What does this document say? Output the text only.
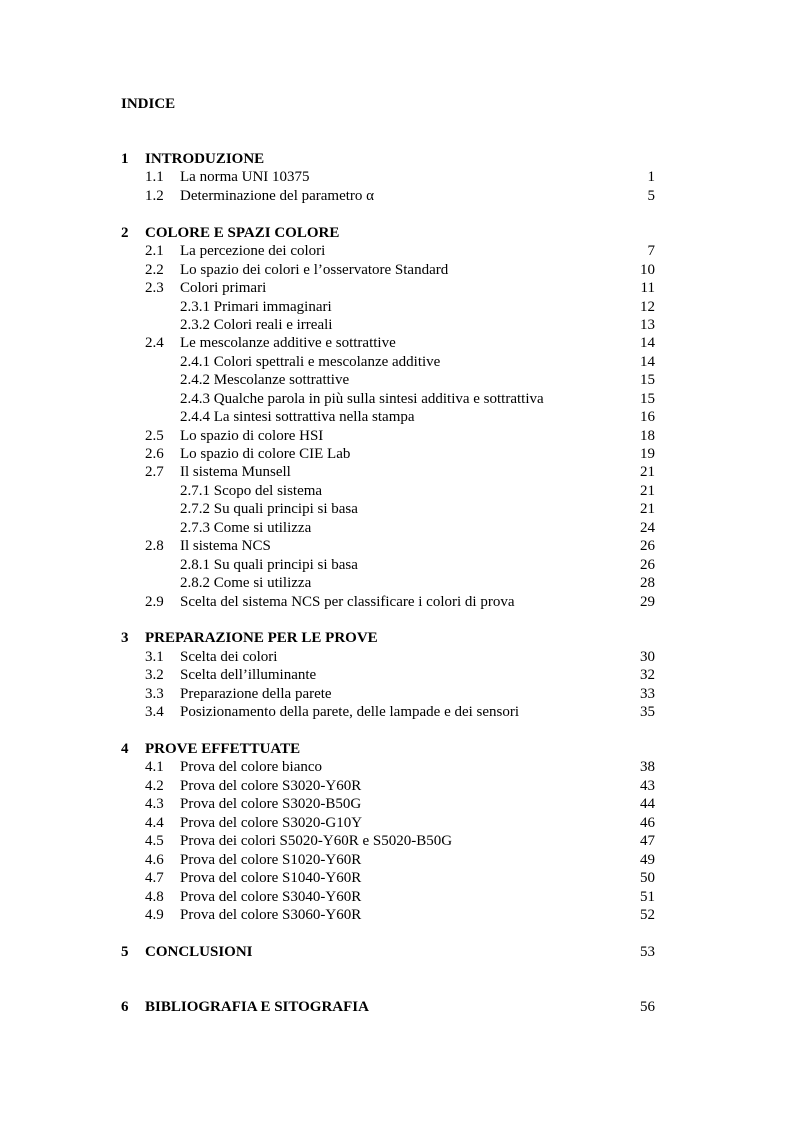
INDICE
1 INTRODUZIONE
1.1 La norma UNI 10375	1
1.2 Determinazione del parametro α	5
2 COLORE E SPAZI COLORE
2.1 La percezione dei colori	7
2.2 Lo spazio dei colori e l’osservatore Standard	10
2.3 Colori primari	11
2.3.1 Primari immaginari	12
2.3.2 Colori reali e irreali	13
2.4 Le mescolanze additive e sottrattive	14
2.4.1 Colori spettrali e mescolanze additive	14
2.4.2 Mescolanze sottrattive	15
2.4.3 Qualche parola in più sulla sintesi additiva e sottrattiva	15
2.4.4 La sintesi sottrattiva nella stampa	16
2.5 Lo spazio di colore HSI	18
2.6 Lo spazio di colore CIE Lab	19
2.7 Il sistema Munsell	21
2.7.1 Scopo del sistema	21
2.7.2 Su quali principi si basa	21
2.7.3 Come si utilizza	24
2.8 Il sistema NCS	26
2.8.1 Su quali principi si basa	26
2.8.2 Come si utilizza	28
2.9 Scelta del sistema NCS per classificare i colori di prova	29
3 PREPARAZIONE PER LE PROVE
3.1 Scelta dei colori	30
3.2 Scelta dell’illuminante	32
3.3 Preparazione della parete	33
3.4 Posizionamento della parete, delle lampade e dei sensori	35
4 PROVE EFFETTUATE
4.1 Prova del colore bianco	38
4.2 Prova del colore S3020-Y60R	43
4.3 Prova del colore S3020-B50G	44
4.4 Prova del colore S3020-G10Y	46
4.5 Prova dei colori S5020-Y60R e S5020-B50G	47
4.6 Prova del colore S1020-Y60R	49
4.7 Prova del colore S1040-Y60R	50
4.8 Prova del colore S3040-Y60R	51
4.9 Prova del colore S3060-Y60R	52
5 CONCLUSIONI	53
6 BIBLIOGRAFIA E SITOGRAFIA	56
